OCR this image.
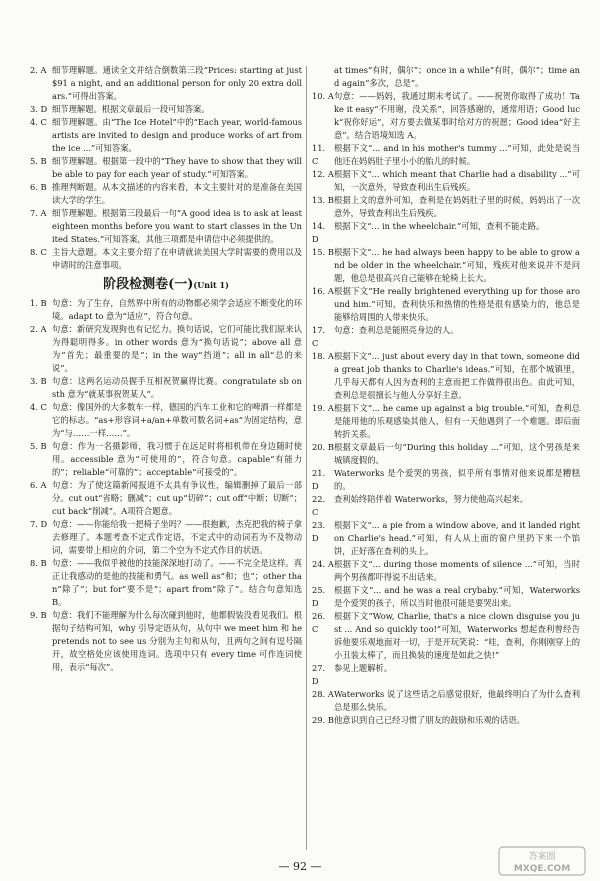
2. A 细节理解题。通读全文并结合倒数第三段“Prices: starting at just $91 a night, and an additional person for only 20 extra dollars.”可得出答案。
3. D 细节理解题。根据文章最后一段可知答案。
4. C 细节理解题。由“The Ice Hotel”中的“Each year, world-famous artists are invited to design and produce works of art from the ice ...”可知答案。
5. B 细节理解题。根据第一段中的“They have to show that they will be able to pay for each year of study.”可知答案。
6. B 推理判断题。从本文描述的内容来看，本文主要针对的是准备在美国读大学的学生。
7. A 细节理解题。根据第三段最后一句“A good idea is to ask at least eighteen months before you want to start classes in the United States.”可知答案，其他三项都是申请信中必须提供的。
8. C 主旨大意题。本文主要介绍了在申请就读美国大学时需要的费用以及申请时的注意事项。
阶段检测卷(一)(Unit 1)
1. B 句意：为了生存，自然界中所有的动物都必须学会适应不断变化的环境。adapt to 意为“适应”，符合句意。
2. A 句意：新研究发现狗也有记忆力。换句话说，它们可能比我们原来认为得聪明得多。in other words 意为“换句话说”；above all 意为“首先；最重要的是”；in the way“挡道”；all in all“总的来说”。
3. B 句意：这两名运动员握手互相祝贺赢得比赛。congratulate sb on sth 意为“就某事祝贺某人”。
4. C 句意：像国外的大多数车一样，德国的汽车工业和它的啤酒一样都是它的标志。“as+形容词+a/an+单数可数名词+as”为固定结构，意为“与……一样……”。
5. B 句意：作为一名摄影师，我习惯于在远足时将相机带在身边随时使用。accessible 意为“可使用的”，符合句意。capable“有能力的”；reliable“可靠的”；acceptable“可接受的”。
6. A 句意：为了使这篇新闻报道不太具有争议性，编辑删掉了最后一部分。cut out“省略；删减”；cut up“切碎”；cut off“中断；切断”；cut back“削减”。A项符合题意。
7. D 句意：——你能给我一把椅子坐吗？——很抱歉，杰克把我的椅子拿去修理了。本题考查不定式作定语，不定式中的动词若为不及物动词，需要带上相应的介词，第二个空为不定式作目的状语。
8. B 句意：——我似乎被他的技能深深地打动了。——不完全是这样。真正让我感动的是他的技能和勇气。as well as“和；也”；other than“除了”；but for“要不是”；apart from“除了”。结合句意知选 B。
9. B 句意：我们不能理解为什么每次碰到他时，他都假装没看见我们。根据句子结构可知，why 引导定语从句，从句中 we meet him 和 he pretends not to see us 分别为主句和从句，且两句之间有逗号隔开，故空格处应该使用连词。选项中只有 every time 可作连词使用，表示“每次”。
at times“有时，偶尔”；once in a while“有时，偶尔”；time and again“多次，总是”。
10. A 句意：——妈妈，我通过期末考试了。——祝贺你取得了成功！Take it easy“不用谢，没关系”，回答感谢的，通常用语；Good luck“祝你好运”，对方要去做某事时给对方的祝愿；Good idea“好主意”。结合语境知选 A。
11. C
根据下文“... and in his mother's tummy ...”可知，此处是说当他还在妈妈肚子里小小的胎儿的时候。
12. A 根据下文“... which meant that Charlie had a disability ...”可知，一次意外，导致查利出生后残疾。
13. B 根据上文的意外可知，查利是在妈妈肚子里的时候，妈妈出了一次意外，导致查利出生后残疾。
14. D
根据下文“... in the wheelchair.”可知，查利不能走路。
15. B 根据下文“... he had always been happy to be able to grow and be older in the wheelchair.”可知，残疾对他来说并不是问题，他总是很高兴自己能够在轮椅上长大。
16. A 根据下文“He really brightened everything up for those around him.”可知，查利快乐和热情的性格是很有感染力的，他总是能够给周围的人带来快乐。
17. C
句意：查利总是能照亮身边的人。
18. A 根据下文“... just about every day in that town, someone did a great job thanks to Charlie's ideas.”可知，在那个城镇里，几乎每天都有人因为查利的主意而把工作做得很出色。由此可知，查利总是很擅长与他人分享好主意。
19. A 根据下文“... he came up against a big trouble.”可知，查利总是能用他的乐观感染其他人，但有一天他遇到了一个难题。即后面转折关系。
20. B 根据文章最后一句“During this holiday ...”可知，这个男孩是来城镇度假的。
21. D
Waterworks 是个爱哭的男孩，似乎所有事情对他来说都是糟糕的。
22. C
查利始终陪伴着 Waterworks，努力使他高兴起来。
23. D
根据下文“... a pie from a window above, and it landed right on Charlie's head.”可知，有人从上面的窗户里扔下来一个馅饼，正好落在查利的头上。
24. A 根据下文“... during those moments of silence ...”可知，当时两个男孩都吓得说不出话来。
25. D
根据下文“... and he was a real crybaby.”可知，Waterworks 是个爱哭的孩子，所以当时他很可能是要哭出来。
26. C
根据下文“Wow, Charlie, that's a nice clown disguise you just ... And so quickly too!”可知，Waterworks 想起查利曾经告诉他要乐观地面对一切，于是开玩笑说：“哇，查利，你刚刚穿上的小丑装太棒了，而且换装的速度是如此之快!”
27. D
参见上题解析。
28. A Waterworks 说了这些话之后感觉很好，他最终明白了为什么查利总是那么快乐。
29. B 他意识到自己已经习惯了朋友的鼓励和乐观的话语。
— 92 —
答案圈
MXQE.COM
